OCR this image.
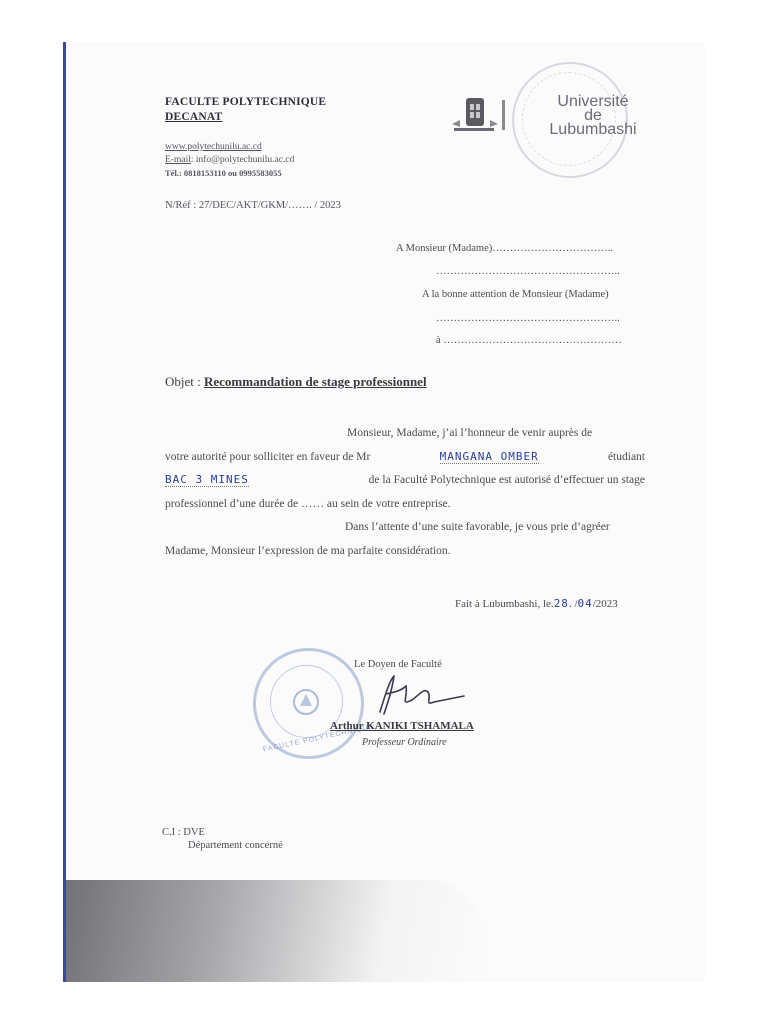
FACULTE POLYTECHNIQUE
DECANAT
www.polytechunilu.ac.cd
E-mail: info@polytechunilu.ac.cd
Tél.: 0818153110 ou 0995583055
N/Réf : 27/DEC/AKT/GKM/……. / 2023
Université
de
Lubumbashi
A Monsieur (Madame)……………………………..
……………………………………………..
A la bonne attention de Monsieur (Madame)
……………………………………………..
à ……………………………………………
Objet : Recommandation de stage professionnel
Monsieur, Madame, j’ai l’honneur de venir auprès de
votre autorité pour solliciter en faveur de Mr	MANGANA OMBER	étudiant
BAC 3 MINES	de la Faculté Polytechnique est autorisé d’effectuer un stage
professionnel d’une durée de …… au sein de votre entreprise.
Dans l’attente d’une suite favorable, je vous prie d’agréer
Madame, Monsieur l’expression de ma parfaite considération.
Fait à Lubumbashi, le.28. /04/2023
FACULTE POLYTECHNIQUE
Le Doyen de Faculté
Arthur KANIKI TSHAMALA
Professeur Ordinaire
C.I : DVE
Département concerné
